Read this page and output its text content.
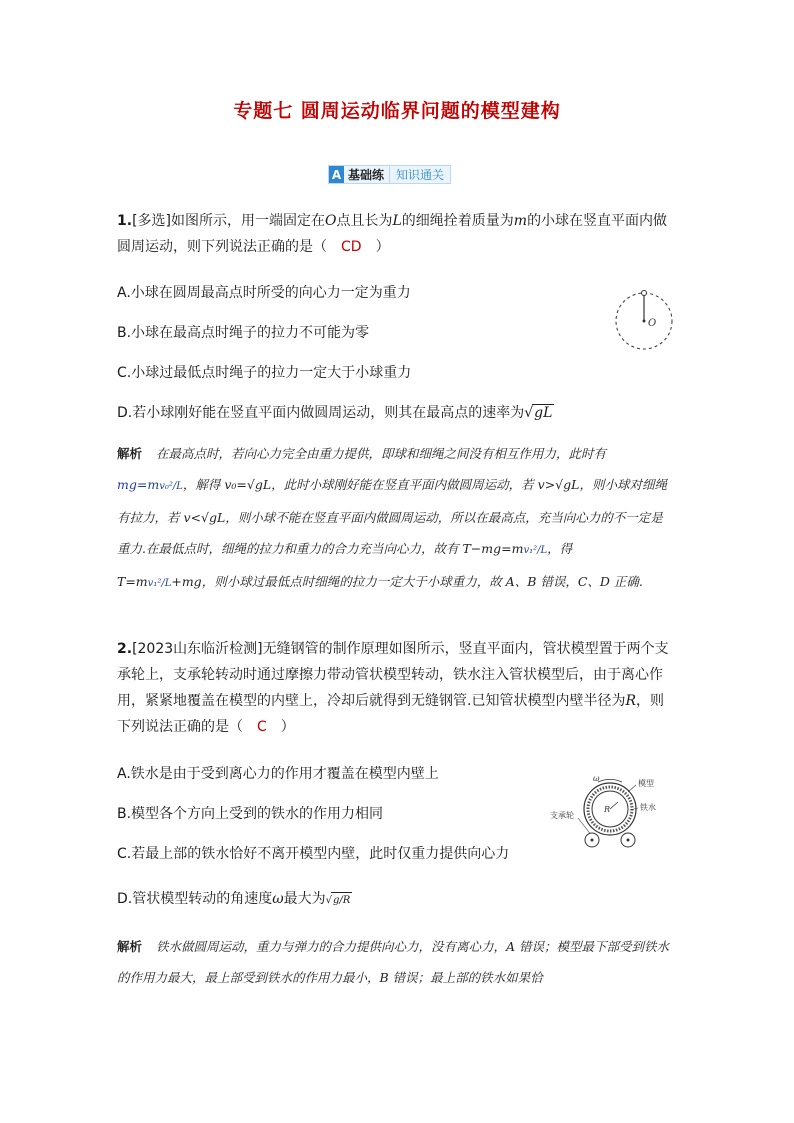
专题七 圆周运动临界问题的模型建构
A 基础练	知识通关
1.[多选]如图所示，用一端固定在O点且长为L的细绳拴着质量为m的小球在竖直平面内做圆周运动，则下列说法正确的是（ CD ）
A.小球在圆周最高点时所受的向心力一定为重力
B.小球在最高点时绳子的拉力不可能为零
C.小球过最低点时绳子的拉力一定大于小球重力
D.若小球刚好能在竖直平面内做圆周运动，则其在最高点的速率为 √ gL
O
解析 在最高点时，若向心力完全由重力提供，即球和细绳之间没有相互作用力，此时有mg=mv₀²/L，解得 v₀=√gL，此时小球刚好能在竖直平面内做圆周运动，若 v>√gL，则小球对细绳有拉力，若 v<√gL，则小球不能在竖直平面内做圆周运动，所以在最高点，充当向心力的不一定是重力.在最低点时，细绳的拉力和重力的合力充当向心力，故有 T−mg=mv₁²/L，得 T=mv₁²/L+mg，则小球过最低点时细绳的拉力一定大于小球重力，故 A、B 错误，C、D 正确.
2.[2023山东临沂检测]无缝钢管的制作原理如图所示，竖直平面内，管状模型置于两个支承轮上，支承轮转动时通过摩擦力带动管状模型转动，铁水注入管状模型后，由于离心作用，紧紧地覆盖在模型的内壁上，冷却后就得到无缝钢管.已知管状模型内壁半径为R，则下列说法正确的是（ C ）
A.铁水是由于受到离心力的作用才覆盖在模型内壁上
B.模型各个方向上受到的铁水的作用力相同
C.若最上部的铁水恰好不离开模型内壁，此时仅重力提供向心力
D.管状模型转动的角速度ω最大为 √ g/R
R
ω
模型
铁水
支承轮
解析 铁水做圆周运动，重力与弹力的合力提供向心力，没有离心力，A 错误；模型最下部受到铁水的作用力最大，最上部受到铁水的作用力最小，B 错误；最上部的铁水如果恰
